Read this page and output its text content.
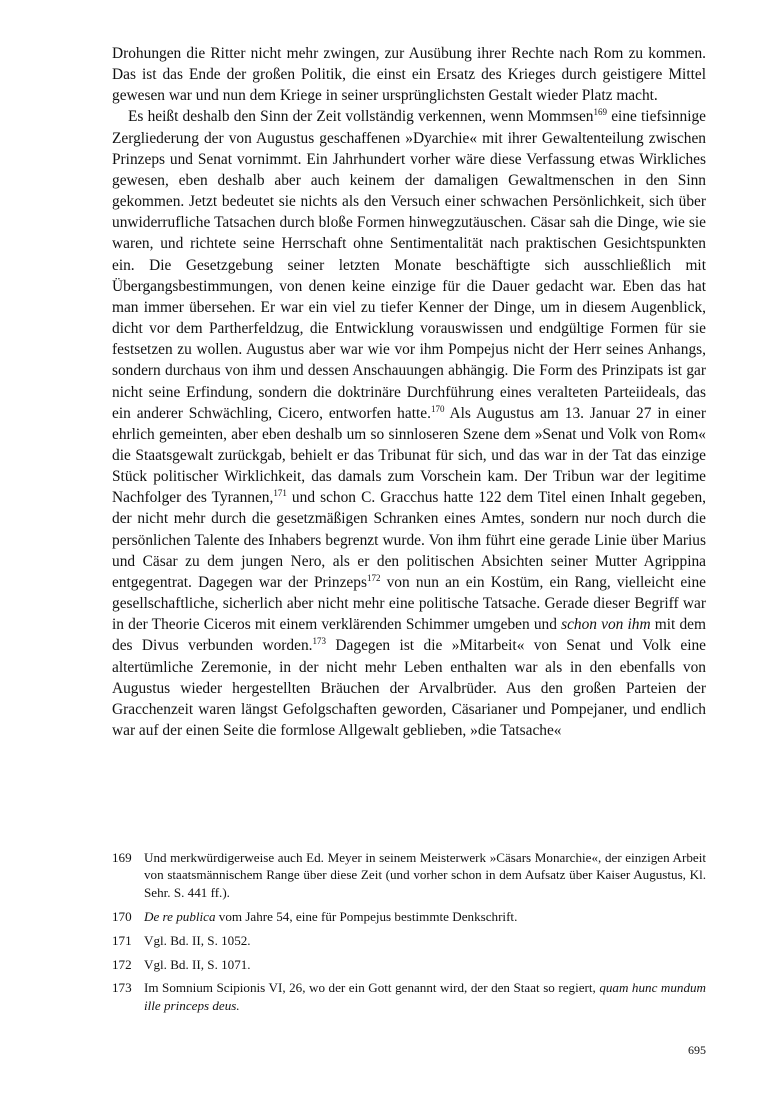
Drohungen die Ritter nicht mehr zwingen, zur Ausübung ihrer Rechte nach Rom zu kommen. Das ist das Ende der großen Politik, die einst ein Ersatz des Krieges durch geistigere Mittel gewesen war und nun dem Kriege in seiner ursprünglichsten Gestalt wieder Platz macht.

Es heißt deshalb den Sinn der Zeit vollständig verkennen, wenn Mommsen$^{169}$ eine tiefsinnige Zergliederung der von Augustus geschaffenen »Dyarchie« mit ihrer Gewaltenteilung zwischen Prinzeps und Senat vornimmt. Ein Jahrhundert vorher wäre diese Verfassung etwas Wirkliches gewesen, eben deshalb aber auch keinem der damaligen Gewaltmenschen in den Sinn gekommen. Jetzt bedeutet sie nichts als den Versuch einer schwachen Persönlichkeit, sich über unwiderrufliche Tatsachen durch bloße Formen hinwegzutäuschen. Cäsar sah die Dinge, wie sie waren, und richtete seine Herrschaft ohne Sentimentalität nach praktischen Gesichtspunkten ein. Die Gesetzgebung seiner letzten Monate beschäftigte sich ausschließlich mit Übergangsbestimmungen, von denen keine einzige für die Dauer gedacht war. Eben das hat man immer übersehen. Er war ein viel zu tiefer Kenner der Dinge, um in diesem Augenblick, dicht vor dem Partherfeldzug, die Entwicklung vorauswissen und endgültige Formen für sie festsetzen zu wollen. Augustus aber war wie vor ihm Pompejus nicht der Herr seines Anhangs, sondern durchaus von ihm und dessen Anschauungen abhängig. Die Form des Prinzipats ist gar nicht seine Erfindung, sondern die doktrinäre Durchführung eines veralteten Parteiideals, das ein anderer Schwächling, Cicero, entworfen hatte.$^{170}$ Als Augustus am 13. Januar 27 in einer ehrlich gemeinten, aber eben deshalb um so sinnloseren Szene dem »Senat und Volk von Rom« die Staatsgewalt zurückgab, behielt er das Tribunat für sich, und das war in der Tat das einzige Stück politischer Wirklichkeit, das damals zum Vorschein kam. Der Tribun war der legitime Nachfolger des Tyrannen,$^{171}$ und schon C. Gracchus hatte 122 dem Titel einen Inhalt gegeben, der nicht mehr durch die gesetzmäßigen Schranken eines Amtes, sondern nur noch durch die persönlichen Talente des Inhabers begrenzt wurde. Von ihm führt eine gerade Linie über Marius und Cäsar zu dem jungen Nero, als er den politischen Absichten seiner Mutter Agrippina entgegentrat. Dagegen war der Prinzeps$^{172}$ von nun an ein Kostüm, ein Rang, vielleicht eine gesellschaftliche, sicherlich aber nicht mehr eine politische Tatsache. Gerade dieser Begriff war in der Theorie Ciceros mit einem verklärenden Schimmer umgeben und schon von ihm mit dem des Divus verbunden worden.$^{173}$ Dagegen ist die »Mitarbeit« von Senat und Volk eine altertümliche Zeremonie, in der nicht mehr Leben enthalten war als in den ebenfalls von Augustus wieder hergestellten Bräuchen der Arvalbrüder. Aus den großen Parteien der Gracchenzeit waren längst Gefolgschaften geworden, Cäsarianer und Pompejaner, und endlich war auf der einen Seite die formlose Allgewalt geblieben, »die Tatsache«

169 Und merkwürdigerweise auch Ed. Meyer in seinem Meisterwerk »Cäsars Monarchie«, der einzigen Arbeit von staatsmännischem Range über diese Zeit (und vorher schon in dem Aufsatz über Kaiser Augustus, Kl. Sehr. S. 441 ff.).
170 De re publica vom Jahre 54, eine für Pompejus bestimmte Denkschrift.
171 Vgl. Bd. II, S. 1052.
172 Vgl. Bd. II, S. 1071.
173 Im Somnium Scipionis VI, 26, wo der ein Gott genannt wird, der den Staat so regiert, quam hunc mundum ille princeps deus.
695
